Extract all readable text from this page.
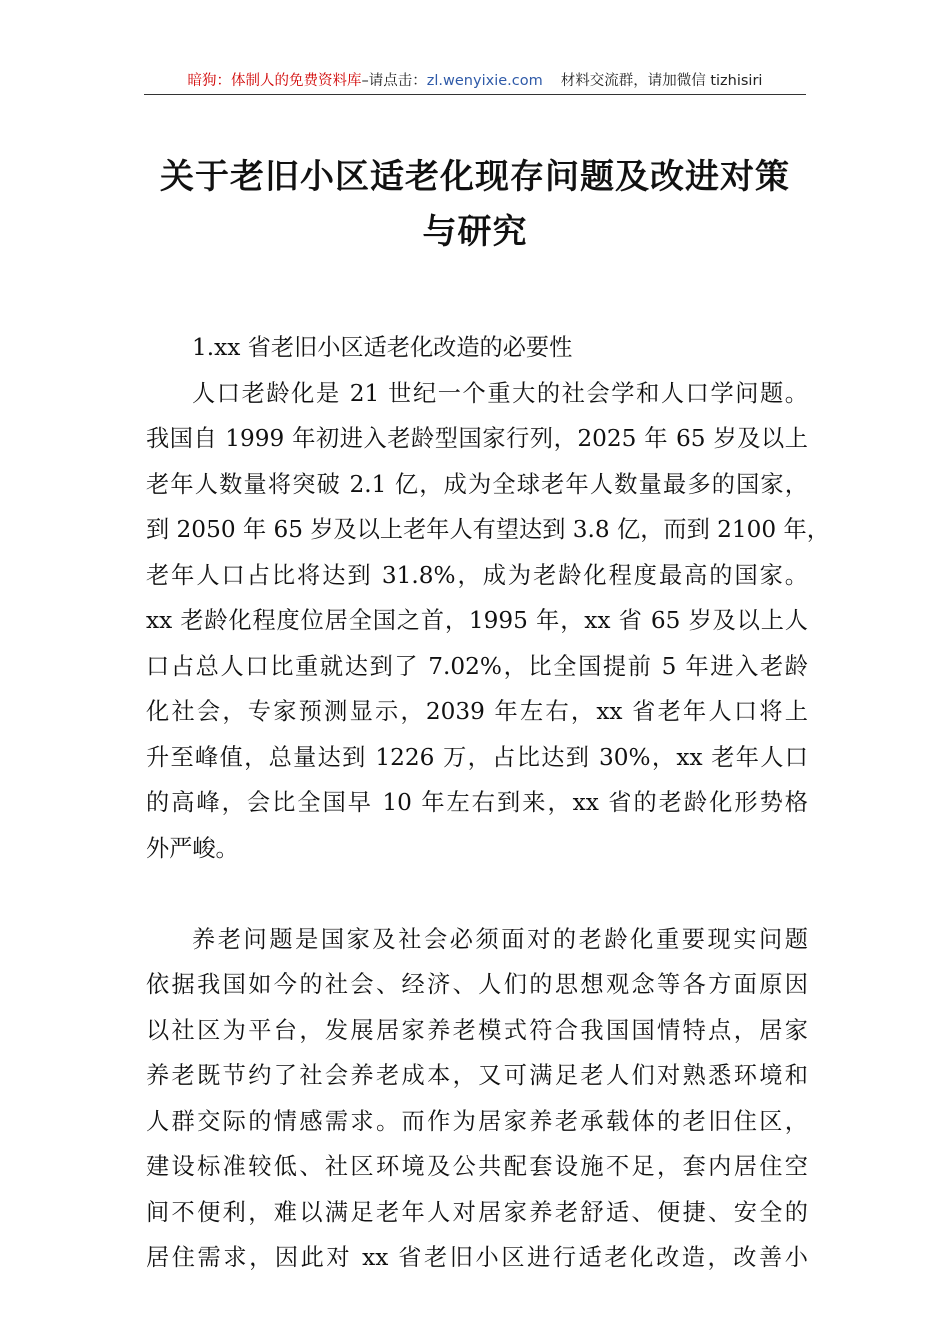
暗狗：体制人的免费资料库–请点击：zl.wenyixie.com 材料交流群，请加微信 tizhisiri
关于老旧小区适老化现存问题及改进对策
与研究
1.xx 省老旧小区适老化改造的必要性
人口老龄化是 21 世纪一个重大的社会学和人口学问题。
我国自 1999 年初进入老龄型国家行列，2025 年 65 岁及以上
老年人数量将突破 2.1 亿，成为全球老年人数量最多的国家，
到 2050 年 65 岁及以上老年人有望达到 3.8 亿，而到 2100 年，
老年人口占比将达到 31.8%，成为老龄化程度最高的国家。
xx 老龄化程度位居全国之首，1995 年，xx 省 65 岁及以上人
口占总人口比重就达到了 7.02%，比全国提前 5 年进入老龄
化社会，专家预测显示，2039 年左右，xx 省老年人口将上
升至峰值，总量达到 1226 万，占比达到 30%，xx 老年人口
的高峰，会比全国早 10 年左右到来，xx 省的老龄化形势格
外严峻。
养老问题是国家及社会必须面对的老龄化重要现实问题
依据我国如今的社会、经济、人们的思想观念等各方面原因
以社区为平台，发展居家养老模式符合我国国情特点，居家
养老既节约了社会养老成本，又可满足老人们对熟悉环境和
人群交际的情感需求。而作为居家养老承载体的老旧住区，
建设标准较低、社区环境及公共配套设施不足，套内居住空
间不便利，难以满足老年人对居家养老舒适、便捷、安全的
居住需求，因此对 xx 省老旧小区进行适老化改造，改善小
